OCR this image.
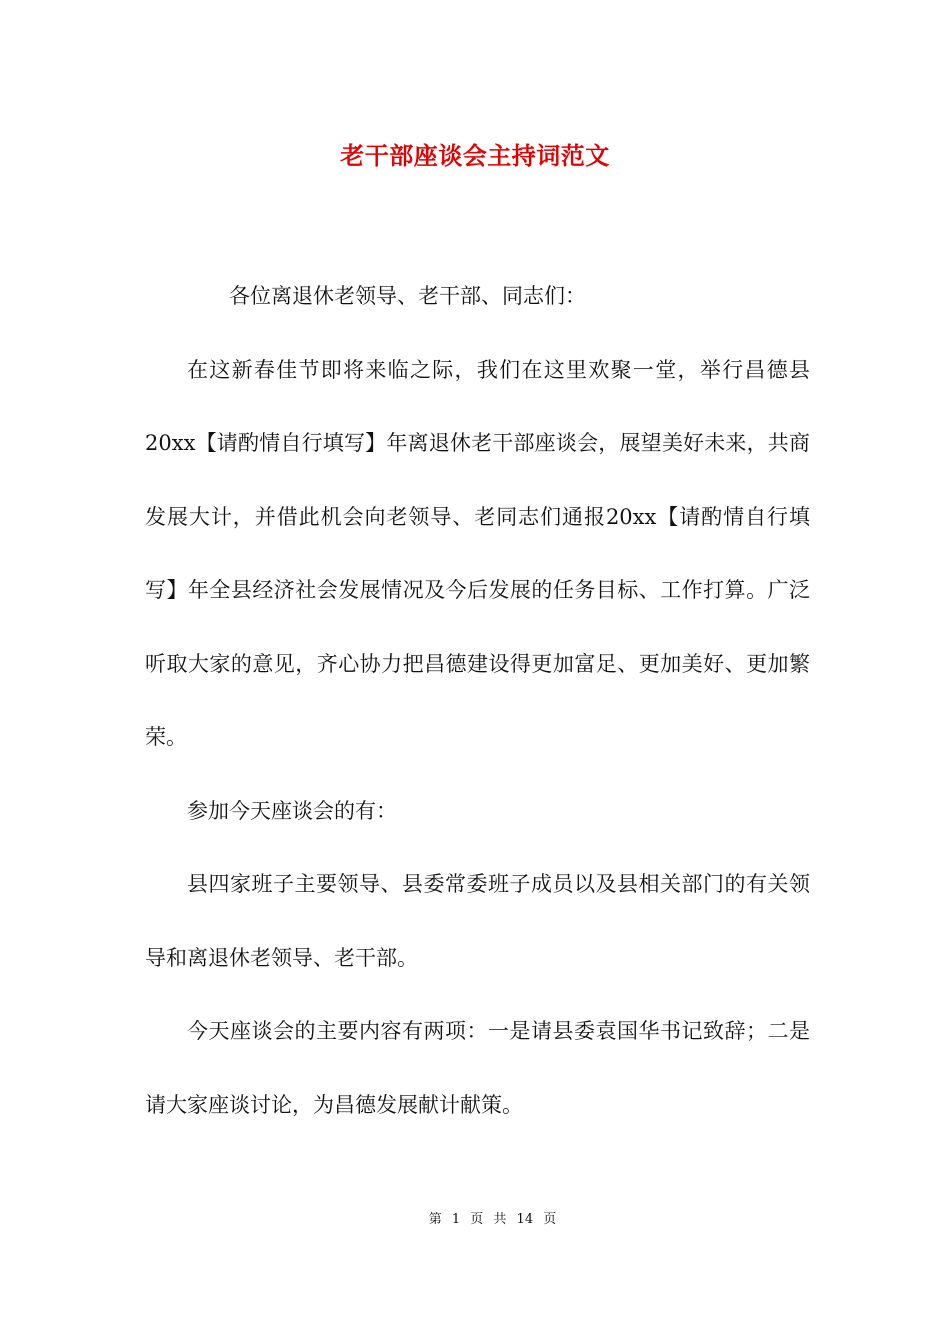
老干部座谈会主持词范文

各位离退休老领导、老干部、同志们：

在这新春佳节即将来临之际，我们在这里欢聚一堂，举行昌德县20xx【请酌情自行填写】年离退休老干部座谈会，展望美好未来，共商发展大计，并借此机会向老领导、老同志们通报20xx【请酌情自行填写】年全县经济社会发展情况及今后发展的任务目标、工作打算。广泛听取大家的意见，齐心协力把昌德建设得更加富足、更加美好、更加繁荣。

参加今天座谈会的有：

县四家班子主要领导、县委常委班子成员以及县相关部门的有关领导和离退休老领导、老干部。

今天座谈会的主要内容有两项：一是请县委袁国华书记致辞；二是请大家座谈讨论，为昌德发展献计献策。

第 1 页 共 14 页
